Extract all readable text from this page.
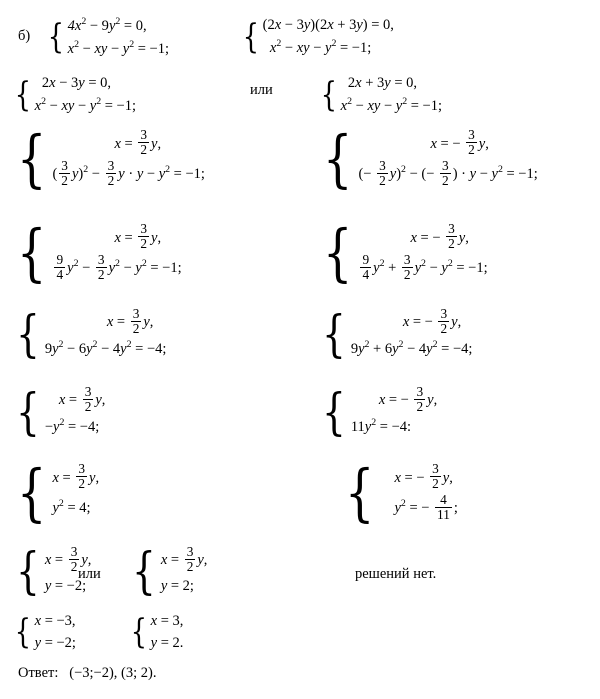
б) { $4x^2 - 9y^2 = 0$,
$x^2$ − xy − $y^2 = -1$; { (2x − 3y)(2x + 3y) = 0,
$x^2$ − xy − $y^2 = -1$;
{ 2x − 3y = 0,
$x^2$ − xy − $y^2 = -1$;
или { 2x + 3y = 0,
$x^2$ − xy − $y^2 = -1$;
{	$x = \frac{3}{2} y$,
( $\frac{3}{2} y)^2 - \frac{3}{2}$ $y \cdot y - y^2 = -1$; {	x = − $\frac{3}{2} y$,
(− $\frac{3}{2} y)^2$ − (− $\frac{3}{2}$ ) · $y - y^2 = -1$;
{	$x = \frac{3}{2} y$,
$\frac{9}{4} y^2 - \frac{3}{2} y^2 - y^2 = -1$; {	x = − $\frac{3}{2} y$,
$\frac{9}{4} y^2 + \frac{3}{2} y^2 - y^2 = -1$;
{	$x = \frac{3}{2} y$,
$9y^2 - 6y^2 - 4y^2 = -4$;	{	x = − $\frac{3}{2} y$,
$9y^2 + 6y^2 - 4y^2 = -4$;
{	$x = \frac{3}{2} y$,
$-y^2 = -4$;	{	x = − $\frac{3}{2} y$,
$11y^2 = -4$:
{ $x = \frac{3}{2} y$,
$y^2 = 4$;	{	x = − $\frac{3}{2} y$,
$y^2$ = − $\frac{4}{11}$ ;
{ $x = \frac{3}{2} y$,
y = −2;
или { $x = \frac{3}{2} y$,
y = 2;
решений нет.
{ x = −3,
y = −2; { x = 3,
y = 2.
Ответ: (−3;−2), (3; 2).
